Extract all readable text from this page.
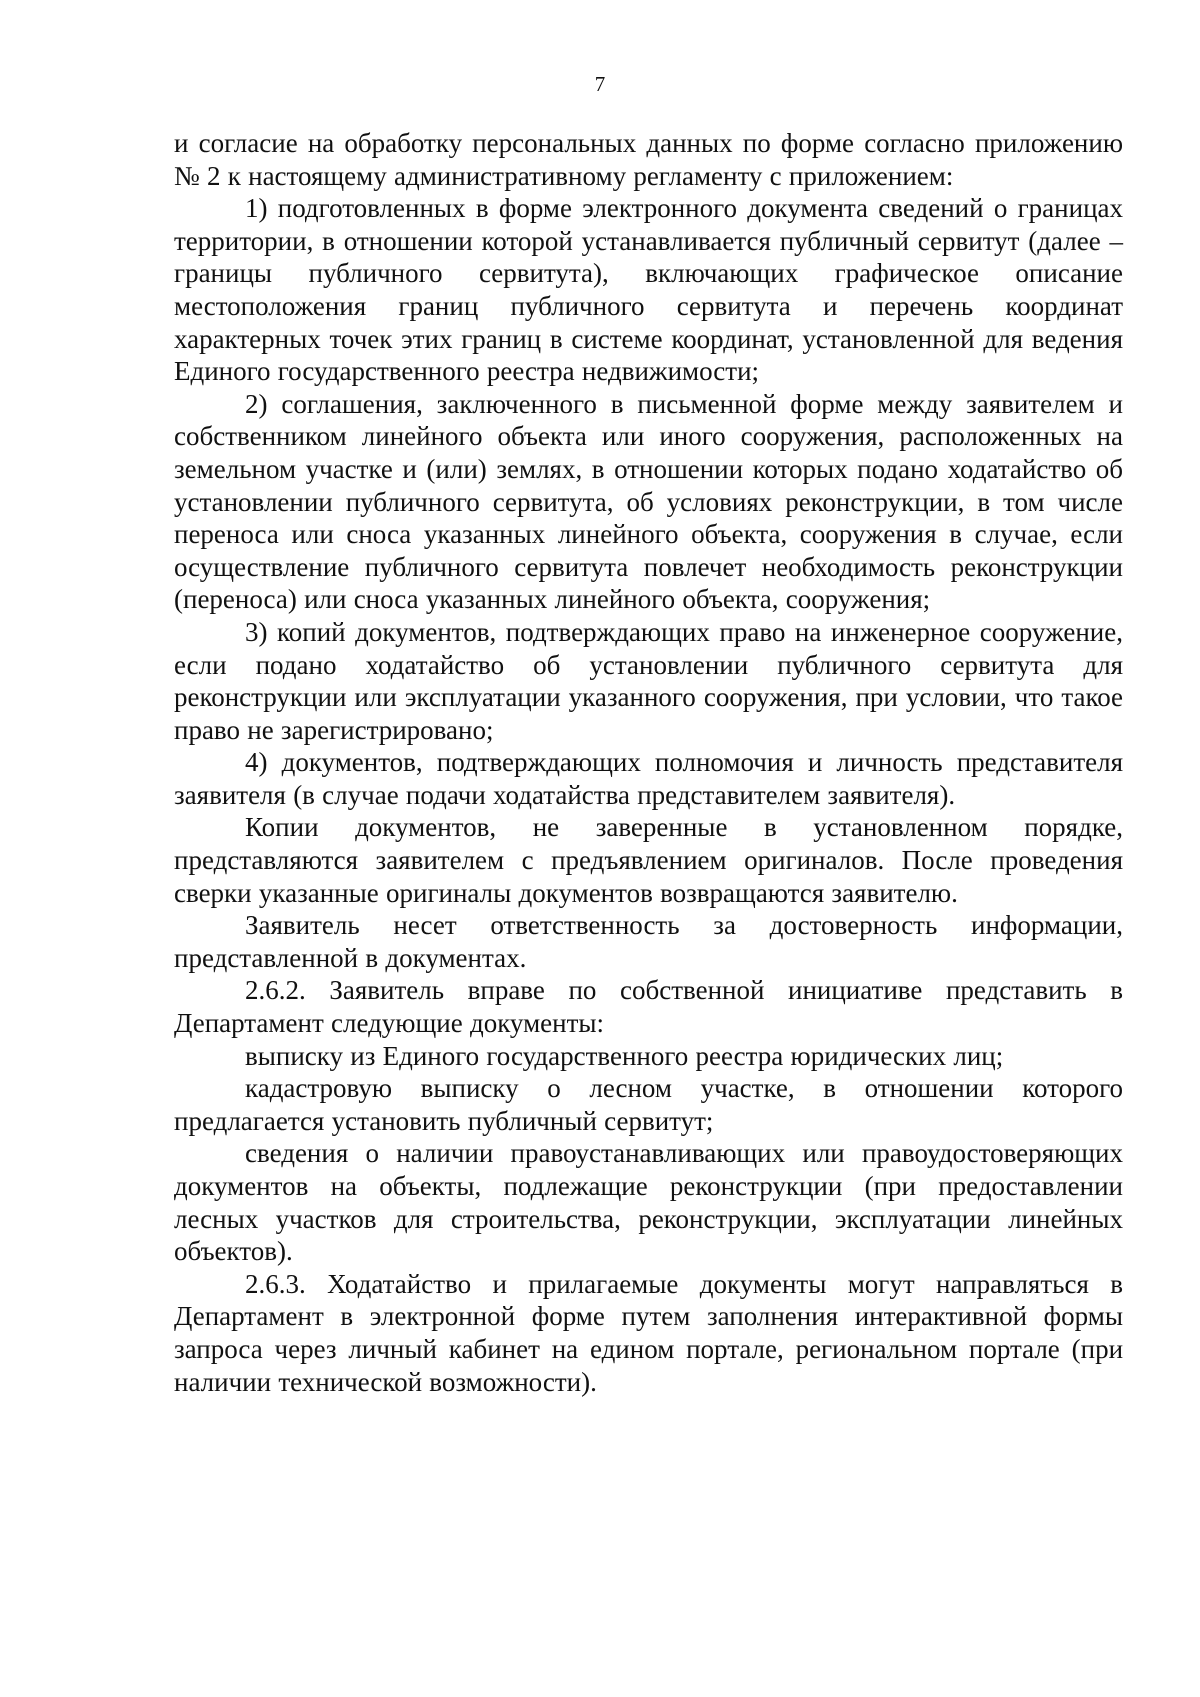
7

и согласие на обработку персональных данных по форме согласно приложению № 2 к настоящему административному регламенту с приложением:

1) подготовленных в форме электронного документа сведений о границах территории, в отношении которой устанавливается публичный сервитут (далее – границы публичного сервитута), включающих графическое описание местоположения границ публичного сервитута и перечень координат характерных точек этих границ в системе координат, установленной для ведения Единого государственного реестра недвижимости;

2) соглашения, заключенного в письменной форме между заявителем и собственником линейного объекта или иного сооружения, расположенных на земельном участке и (или) землях, в отношении которых подано ходатайство об установлении публичного сервитута, об условиях реконструкции, в том числе переноса или сноса указанных линейного объекта, сооружения в случае, если осуществление публичного сервитута повлечет необходимость реконструкции (переноса) или сноса указанных линейного объекта, сооружения;

3) копий документов, подтверждающих право на инженерное сооружение, если подано ходатайство об установлении публичного сервитута для реконструкции или эксплуатации указанного сооружения, при условии, что такое право не зарегистрировано;

4) документов, подтверждающих полномочия и личность представителя заявителя (в случае подачи ходатайства представителем заявителя).

Копии документов, не заверенные в установленном порядке, представляются заявителем с предъявлением оригиналов. После проведения сверки указанные оригиналы документов возвращаются заявителю.

Заявитель несет ответственность за достоверность информации, представленной в документах.

2.6.2. Заявитель вправе по собственной инициативе представить в Департамент следующие документы:

выписку из Единого государственного реестра юридических лиц;

кадастровую выписку о лесном участке, в отношении которого предлагается установить публичный сервитут;

сведения о наличии правоустанавливающих или правоудостоверяющих документов на объекты, подлежащие реконструкции (при предоставлении лесных участков для строительства, реконструкции, эксплуатации линейных объектов).

2.6.3. Ходатайство и прилагаемые документы могут направляться в Департамент в электронной форме путем заполнения интерактивной формы запроса через личный кабинет на едином портале, региональном портале (при наличии технической возможности).
